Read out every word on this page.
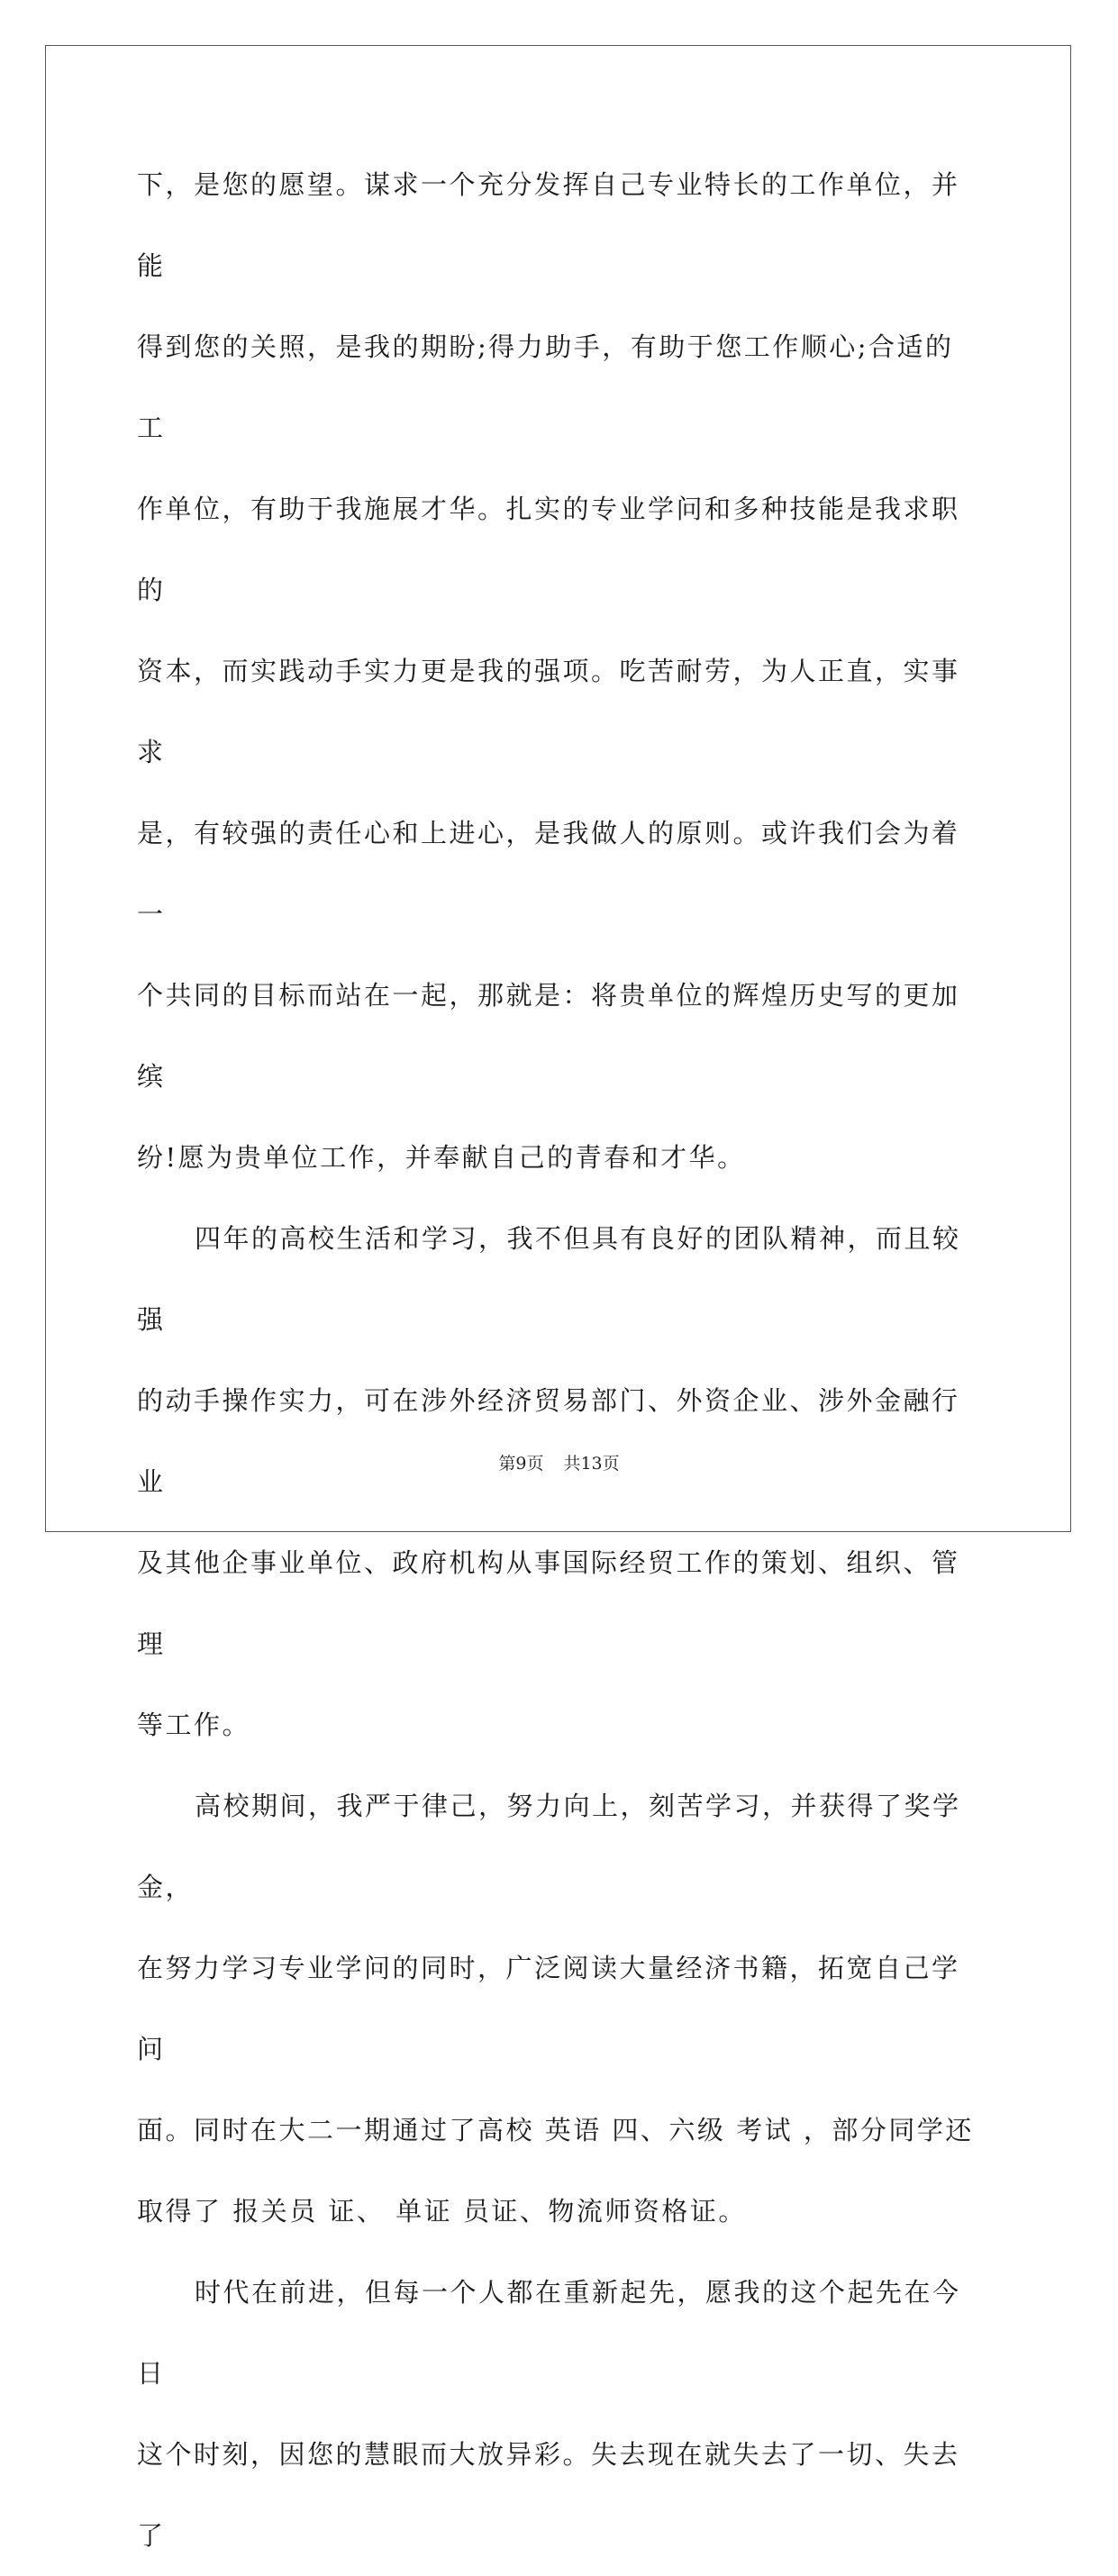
下，是您的愿望。谋求一个充分发挥自己专业特长的工作单位，并能

得到您的关照，是我的期盼;得力助手，有助于您工作顺心;合适的工

作单位，有助于我施展才华。扎实的专业学问和多种技能是我求职的

资本，而实践动手实力更是我的强项。吃苦耐劳，为人正直，实事求

是，有较强的责任心和上进心，是我做人的原则。或许我们会为着一

个共同的目标而站在一起，那就是：将贵单位的辉煌历史写的更加缤

纷!愿为贵单位工作，并奉献自己的青春和才华。

四年的高校生活和学习，我不但具有良好的团队精神，而且较强

的动手操作实力，可在涉外经济贸易部门、外资企业、涉外金融行业

及其他企事业单位、政府机构从事国际经贸工作的策划、组织、管理

等工作。

高校期间，我严于律己，努力向上，刻苦学习，并获得了奖学金，

在努力学习专业学问的同时，广泛阅读大量经济书籍，拓宽自己学问

面。同时在大二一期通过了高校 英语 四、六级 考试 ，部分同学还

取得了 报关员 证、 单证 员证、物流师资格证。

时代在前进，但每一个人都在重新起先，愿我的这个起先在今日

这个时刻，因您的慧眼而大放异彩。失去现在就失去了一切、失去了

第9页 共13页
